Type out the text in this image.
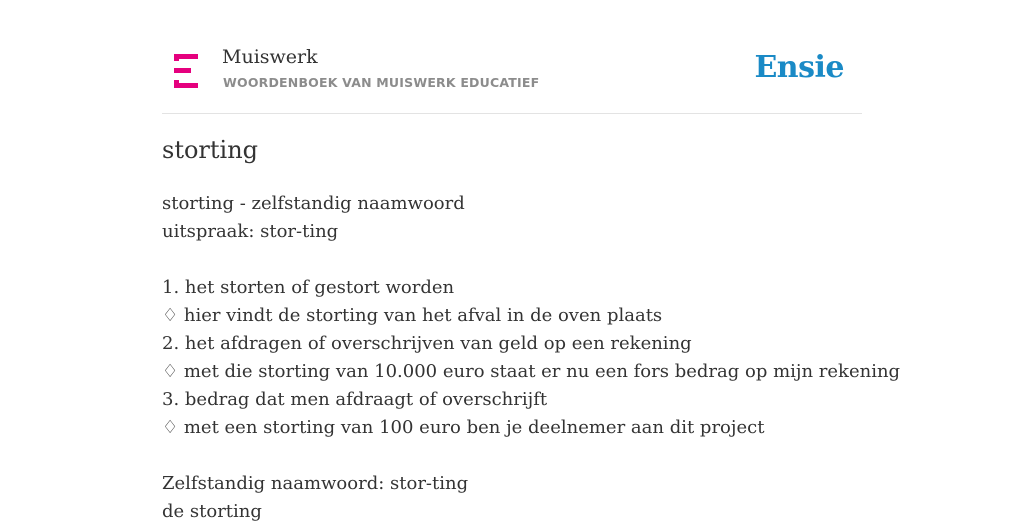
Muiswerk
WOORDENBOEK VAN MUISWERK EDUCATIEF	Ensie
storting
storting - zelfstandig naamwoord
uitspraak: stor-ting
1. het storten of gestort worden
♢ hier vindt de storting van het afval in de oven plaats
2. het afdragen of overschrijven van geld op een rekening
♢ met die storting van 10.000 euro staat er nu een fors bedrag op mijn rekening
3. bedrag dat men afdraagt of overschrijft
♢ met een storting van 100 euro ben je deelnemer aan dit project
Zelfstandig naamwoord: stor-ting
de storting
